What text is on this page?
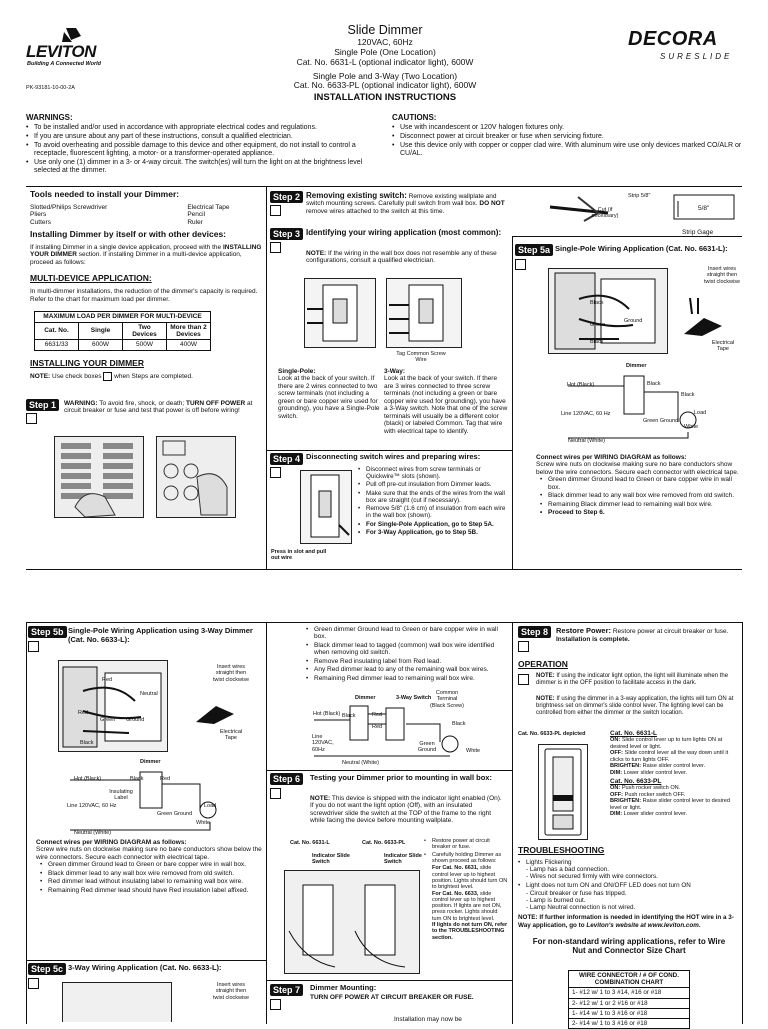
LEVITON
Building A Connected World
PK-93181-10-00-2A
Slide Dimmer
120VAC, 60Hz
Single Pole (One Location)
Cat. No. 6631-L (optional indicator light), 600W
Single Pole and 3-Way (Two Location)
Cat. No. 6633-PL (optional indicator light), 600W
INSTALLATION INSTRUCTIONS
DECORA
SURESLIDE
WARNINGS:
• To be installed and/or used in accordance with appropriate electrical codes and regulations.
• If you are unsure about any part of these instructions, consult a qualified electrician.
• To avoid overheating and possible damage to this device and other equipment, do not install to control a receptacle, fluorescent lighting, a motor- or a transformer-operated appliance.
• Use only one (1) dimmer in a 3- or 4-way circuit. The switch(es) will turn the light on at the brightness level selected at the dimmer.
CAUTIONS:
• Use with incandescent or 120V halogen fixtures only.
• Disconnect power at circuit breaker or fuse when servicing fixture.
• Use this device only with copper or copper clad wire. With aluminum wire use only devices marked CO/ALR or CU/AL.
Tools needed to install your Dimmer:
Slotted/Philips Screwdriver
Pliers
Cutters
Electrical Tape
Pencil
Ruler
Installing Dimmer by itself or with other devices:
If installing Dimmer in a single device application, proceed with the INSTALLING YOUR DIMMER section. If installing Dimmer in a multi-device application, proceed as follows:
MULTI-DEVICE APPLICATION:
In multi-dimmer installations, the reduction of the dimmer's capacity is required. Refer to the chart for maximum load per dimmer.
MAXIMUM LOAD PER DIMMER FOR MULTI-DEVICE			
Cat. No.	Single	Two Devices	More than 2 Devices
6631/33	600W	500W	400W
INSTALLING YOUR DIMMER
NOTE: Use check boxes  when Steps are completed.
Step 1 WARNING: To avoid fire, shock, or death; TURN OFF POWER at circuit breaker or fuse and test that power is off before wiring!
Step 2 Removing existing switch: Remove existing wallplate and switch mounting screws. Carefully pull switch from wall box. DO NOT remove wires attached to the switch at this time.
Strip 5/8"
Cut (if necessary)
5/8"
Strip Gage
Step 3 Identifying your wiring application (most common):
NOTE: If the wiring in the wall box does not resemble any of these configurations, consult a qualified electrician.
Tag Common Screw Wire
Single-Pole:
Look at the back of your switch. If there are 2 wires connected to two screw terminals (not including a green or bare copper wire used for grounding), you have a Single-Pole switch.
3-Way:
Look at the back of your switch. If there are 3 wires connected to three screw terminals (not including a green or bare copper wire used for grounding), you have a 3-Way switch. Note that one of the screw terminals will usually be a different color (black) or labeled Common. Tag that wire with electrical tape to identify.
Step 4 Disconnecting switch wires and preparing wires:
Press in slot and pull out wire
• Disconnect wires from screw terminals or Quickwire™ slots (shown).
• Pull off pre-cut insulation from Dimmer leads.
• Make sure that the ends of the wires from the wall box are straight (cut if necessary).
• Remove 5/8" (1.6 cm) of insulation from each wire in the wall box (shown).
• For Single-Pole Application, go to Step 5A.
• For 3-Way Application, go to Step 5B.
Step 5a Single-Pole Wiring Application (Cat. No. 6631-L):
Insert wires straight then twist clockwise
Electrical Tape
Black
Green
Ground
Black
Dimmer
Hot (Black)	Black
Line 120VAC, 60 Hz
Black
Load
Green Ground
White
Neutral (White)
Connect wires per WIRING DIAGRAM as follows:
Screw wire nuts on clockwise making sure no bare conductors show below the wire connectors. Secure each connector with electrical tape.
• Green dimmer Ground lead to Green or bare copper wire in wall box.
• Black dimmer lead to any wall box wire removed from old switch.
• Remaining Black dimmer lead to remaining wall box wire.
• Proceed to Step 6.
Step 5b Single-Pole Wiring Application using 3-Way Dimmer (Cat. No. 6633-L):
Red
Neutral
Red
Green Ground
Black
Insert wires straight then twist clockwise
Electrical Tape
Dimmer
Hot (Black)	Black	Red
Insulating Label
Line 120VAC, 60 Hz
Green Ground
Load
White
Neutral (White)
Connect wires per WIRING DIAGRAM as follows:
Screw wire nuts on clockwise making sure no bare conductors show below the wire connectors. Secure each connector with electrical tape.
• Green dimmer Ground lead to Green or bare copper wire in wall box.
• Black dimmer lead to any wall box wire removed from old switch.
• Red dimmer lead without insulating label to remaining wall box wire.
• Remaining Red dimmer lead should have Red insulation label affixed.
Step 5c 3-Way Wiring Application (Cat. No. 6633-L):
Insert wires straight then twist clockwise
• Green dimmer Ground lead to Green or bare copper wire in wall box.
• Black dimmer lead to tagged (common) wall box wire identified when removing old switch.
• Remove Red insulating label from Red lead.
• Any Red dimmer lead to any of the remaining wall box wires.
• Remaining Red dimmer lead to remaining wall box wire.
Dimmer	3-Way Switch
Common Terminal (Black Screw)
Hot (Black) Black	Red
Red	Black
Line 120VAC, 60Hz
Green Ground	White
Neutral (White)
Step 6 Testing your Dimmer prior to mounting in wall box:
NOTE: This device is shipped with the indicator light enabled (On). If you do not want the light option (Off), with an insulated screwdriver slide the switch at the TOP of the frame to the right while facing the device before mounting wallplate.
Cat. No. 6631-L	Cat. No. 6633-PL
Indicator Slide Switch
Indicator Slide Switch
• Restore power at circuit breaker or fuse.
• Carefully holding Dimmer as shown proceed as follows:
For Cat. No. 6631, slide control lever up to highest position. Lights should turn ON to brightest level.
For Cat. No. 6633, slide control lever up to highest position. If lights are not ON, press rocker. Lights should turn ON to brightest level.
If lights do not turn ON, refer to the TROUBLESHOOTING section.
Step 7 Dimmer Mounting:
TURN OFF POWER AT CIRCUIT BREAKER OR FUSE.
Installation may now be
Step 8 Restore Power: Restore power at circuit breaker or fuse. Installation is complete.
OPERATION
NOTE: If using the indicator light option, the light will illuminate when the dimmer is in the OFF position to facilitate access in the dark.
NOTE: If using the dimmer in a 3-way application, the lights will turn ON at brightness set on dimmer's slide control lever. The lighting level can be controlled from either the dimmer or the switch location.
Cat. No. 6633-PL depicted	Cat. No. 6631-L
ON: Slide control lever up to turn lights ON at desired level or light.
OFF: Slide control lever all the way down until it clicks to turn lights OFF.
BRIGHTEN: Raise slider control lever.
DIM: Lower slider control lever.
Cat. No. 6633-PL
ON: Push rocker switch ON.
OFF: Push rocker switch OFF.
BRIGHTEN: Raise slider control lever to desired level or light.
DIM: Lower slider control lever.
TROUBLESHOOTING
• Lights Flickering
- Lamp has a bad connection.
- Wires not secured firmly with wire connectors.
• Light does not turn ON and ON/OFF LED does not turn ON
- Circuit breaker or fuse has tripped.
- Lamp is burned out.
- Lamp Neutral connection is not wired.
NOTE: If further information is needed in identifying the HOT wire in a 3-Way application, go to Leviton's website at www.leviton.com.
For non-standard wiring applications, refer to Wire Nut and Connector Size Chart
WIRE CONNECTOR / # OF COND. COMBINATION CHART
1- #12 w/ 1 to 3 #14, #16 or #18
2- #12 w/ 1 or 2 #16 or #18
1- #14 w/ 1 to 3 #16 or #18
2- #14 w/ 1 to 3 #16 or #18
